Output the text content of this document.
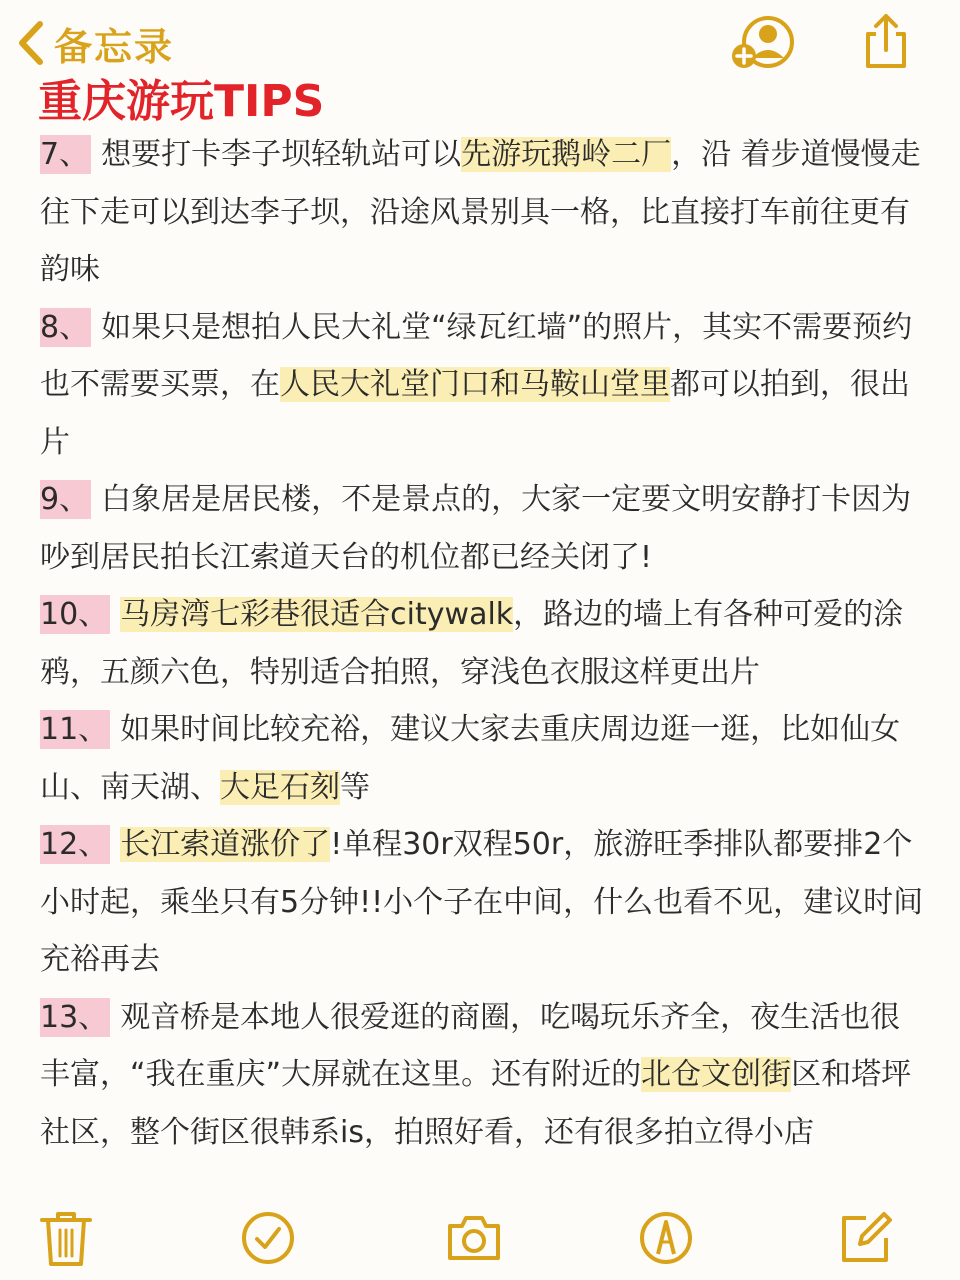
备忘录
重庆游玩TIPS

7、 想要打卡李子坝轻轨站可以先游玩鹅岭二厂，沿 着步道慢慢走往下走可以到达李子坝，沿途风景别具一格，比直接打车前往更有韵味

8、 如果只是想拍人民大礼堂“绿瓦红墙”的照片，其实不需要预约也不需要买票，在人民大礼堂门口和马鞍山堂里都可以拍到，很出片

9、 白象居是居民楼，不是景点的，大家一定要文明安静打卡因为吵到居民拍长江索道天台的机位都已经关闭了!

10、 马房湾七彩巷很适合citywalk，路边的墙上有各种可爱的涂鸦，五颜六色，特别适合拍照，穿浅色衣服这样更出片

11、 如果时间比较充裕，建议大家去重庆周边逛一逛，比如仙女山、南天湖、大足石刻等

12、 长江索道涨价了!单程30r双程50r，旅游旺季排队都要排2个小时起，乘坐只有5分钟!!小个子在中间，什么也看不见，建议时间充裕再去

13、 观音桥是本地人很爱逛的商圈，吃喝玩乐齐全，夜生活也很丰富，“我在重庆”大屏就在这里。还有附近的北仓文创街区和塔坪社区，整个街区很韩系is，拍照好看，还有很多拍立得小店
